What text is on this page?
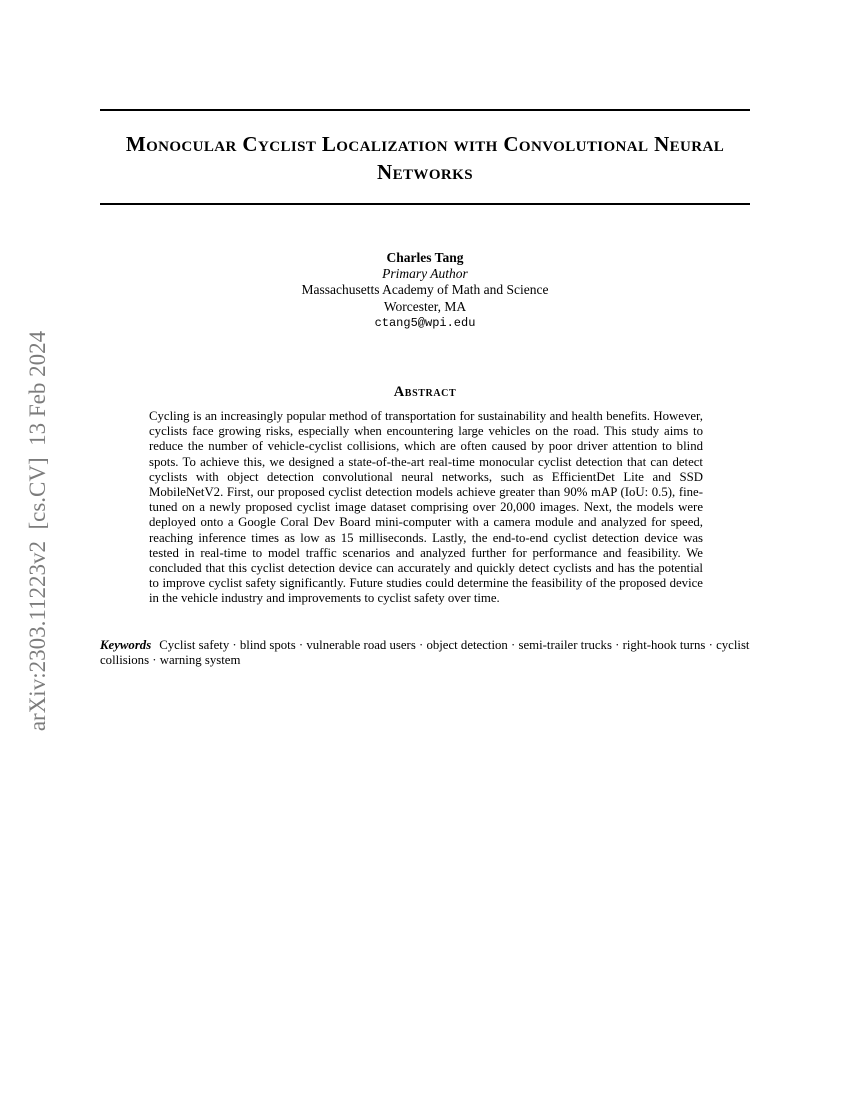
arXiv:2303.11223v2  [cs.CV]  13 Feb 2024
Monocular Cyclist Localization with Convolutional Neural Networks
Charles Tang
Primary Author
Massachusetts Academy of Math and Science
Worcester, MA
ctang5@wpi.edu
Abstract

Cycling is an increasingly popular method of transportation for sustainability and health benefits. However, cyclists face growing risks, especially when encountering large vehicles on the road. This study aims to reduce the number of vehicle-cyclist collisions, which are often caused by poor driver attention to blind spots. To achieve this, we designed a state-of-the-art real-time monocular cyclist detection that can detect cyclists with object detection convolutional neural networks, such as EfficientDet Lite and SSD MobileNetV2. First, our proposed cyclist detection models achieve greater than 90% mAP (IoU: 0.5), fine-tuned on a newly proposed cyclist image dataset comprising over 20,000 images. Next, the models were deployed onto a Google Coral Dev Board mini-computer with a camera module and analyzed for speed, reaching inference times as low as 15 milliseconds. Lastly, the end-to-end cyclist detection device was tested in real-time to model traffic scenarios and analyzed further for performance and feasibility. We concluded that this cyclist detection device can accurately and quickly detect cyclists and has the potential to improve cyclist safety significantly. Future studies could determine the feasibility of the proposed device in the vehicle industry and improvements to cyclist safety over time.

Keywords Cyclist safety · blind spots · vulnerable road users · object detection · semi-trailer trucks · right-hook turns · cyclist collisions · warning system
